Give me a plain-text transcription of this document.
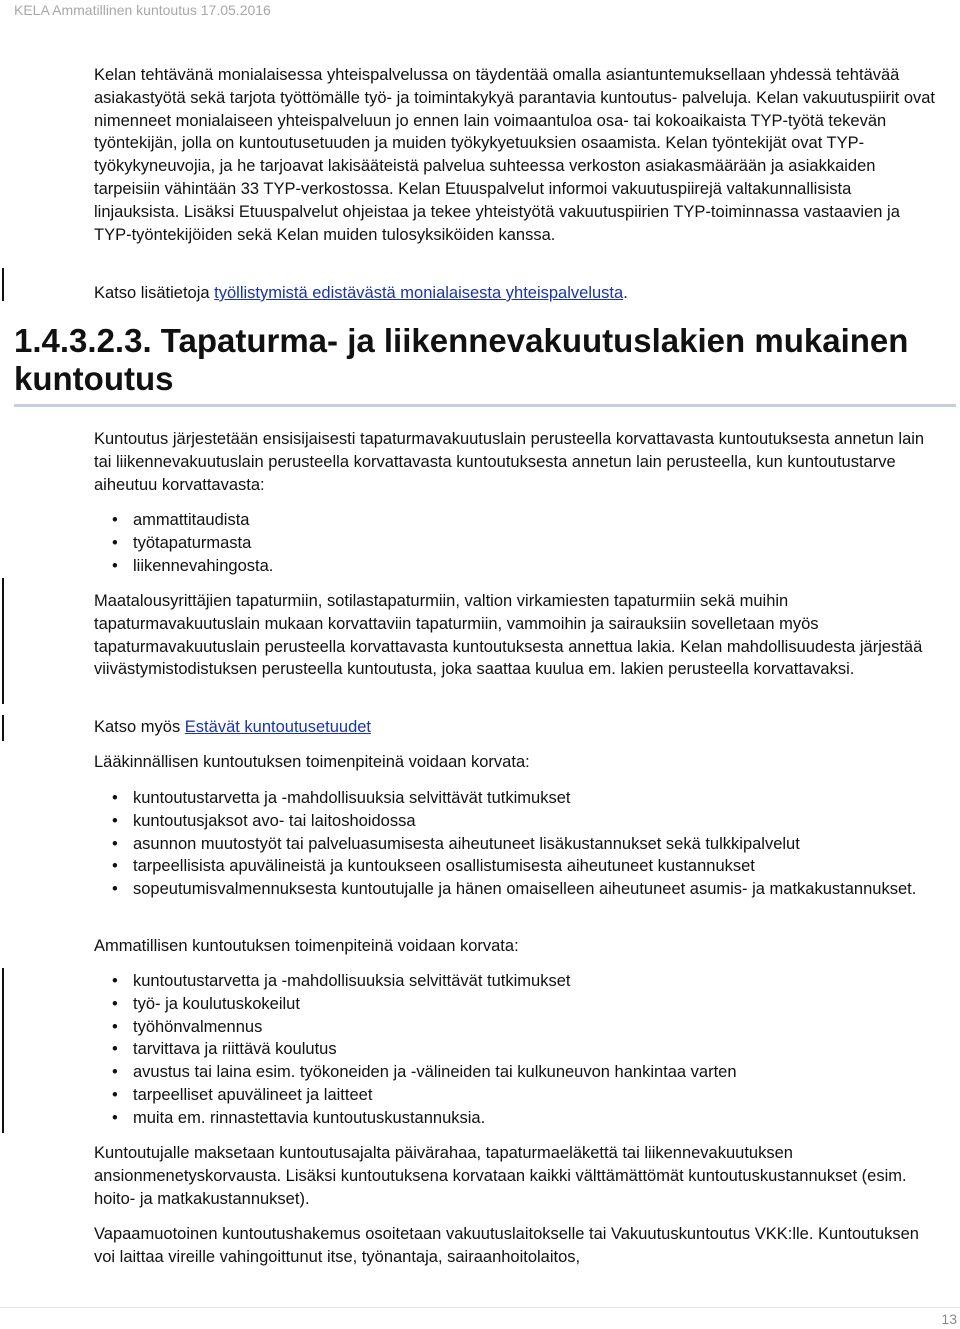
KELA Ammatillinen kuntoutus 17.05.2016

Kelan tehtävänä monialaisessa yhteispalvelussa on täydentää omalla asiantuntemuksellaan yhdessä tehtävää asiakastyötä sekä tarjota työttömälle työ- ja toimintakykyä parantavia kuntoutus- palveluja. Kelan vakuutuspiirit ovat nimenneet monialaiseen yhteispalveluun jo ennen lain voimaantuloa osa- tai kokoaikaista TYP-työtä tekevän työntekijän, jolla on kuntoutusetuuden ja muiden työkykyetuuksien osaamista. Kelan työntekijät ovat TYP-työkykyneuvojia, ja he tarjoavat lakisääteistä palvelua suhteessa verkoston asiakasmäärään ja asiakkaiden tarpeisiin vähintään 33 TYP-verkostossa. Kelan Etuuspalvelut informoi vakuutuspiirejä valtakunnallisista linjauksista. Lisäksi Etuuspalvelut ohjeistaa ja tekee yhteistyötä vakuutuspiirien TYP-toiminnassa vastaavien ja TYP-työntekijöiden sekä Kelan muiden tulosyksiköiden kanssa.

Katso lisätietoja työllistymistä edistävästä monialaisesta yhteispalvelusta.

1.4.3.2.3. Tapaturma- ja liikennevakuutuslakien mukainen kuntoutus

Kuntoutus järjestetään ensisijaisesti tapaturmavakuutuslain perusteella korvattavasta kuntoutuksesta annetun lain tai liikennevakuutuslain perusteella korvattavasta kuntoutuksesta annetun lain perusteella, kun kuntoutustarve aiheutuu korvattavasta:

• ammattitaudista
• työtapaturmasta
• liikennevahingosta.

Maatalousyrittäjien tapaturmiin, sotilastapaturmiin, valtion virkamiesten tapaturmiin sekä muihin tapaturmavakuutuslain mukaan korvattaviin tapaturmiin, vammoihin ja sairauksiin sovelletaan myös tapaturmavakuutuslain perusteella korvattavasta kuntoutuksesta annettua lakia. Kelan mahdollisuudesta järjestää viivästymistodistuksen perusteella kuntoutusta, joka saattaa kuulua em. lakien perusteella korvattavaksi.

Katso myös Estävät kuntoutusetuudet

Lääkinnällisen kuntoutuksen toimenpiteinä voidaan korvata:

• kuntoutustarvetta ja -mahdollisuuksia selvittävät tutkimukset
• kuntoutusjaksot avo- tai laitoshoidossa
• asunnon muutostyöt tai palveluasumisesta aiheutuneet lisäkustannukset sekä tulkkipalvelut
• tarpeellisista apuvälineistä ja kuntoukseen osallistumisesta aiheutuneet kustannukset
• sopeutumisvalmennuksesta kuntoutujalle ja hänen omaiselleen aiheutuneet asumis- ja matkakustannukset.

Ammatillisen kuntoutuksen toimenpiteinä voidaan korvata:

• kuntoutustarvetta ja -mahdollisuuksia selvittävät tutkimukset
• työ- ja koulutuskokeilut
• työhönvalmennus
• tarvittava ja riittävä koulutus
• avustus tai laina esim. työkoneiden ja -välineiden tai kulkuneuvon hankintaa varten
• tarpeelliset apuvälineet ja laitteet
• muita em. rinnastettavia kuntoutuskustannuksia.

Kuntoutujalle maksetaan kuntoutusajalta päivärahaa, tapaturmaeläkettä tai liikennevakuutuksen ansionmenetyskorvausta. Lisäksi kuntoutuksena korvataan kaikki välttämättömät kuntoutuskustannukset (esim. hoito- ja matkakustannukset).

Vapaamuotoinen kuntoutushakemus osoitetaan vakuutuslaitokselle tai Vakuutuskuntoutus VKK:lle. Kuntoutuksen voi laittaa vireille vahingoittunut itse, työnantaja, sairaanhoitolaitos,

13
